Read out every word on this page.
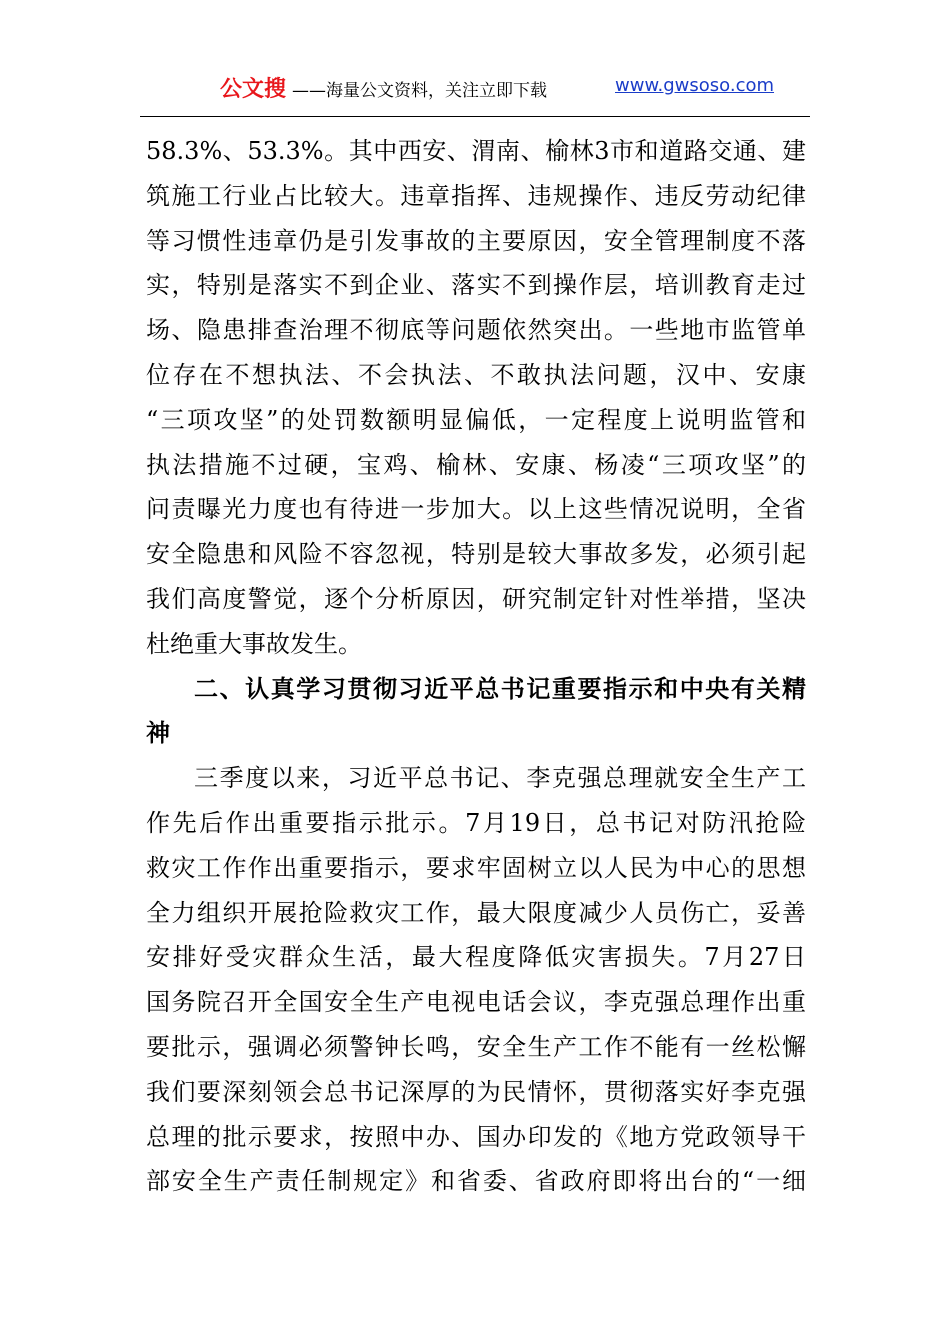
公文搜 ——海量公文资料，关注立即下载	www.gwsoso.com
58.3%、53.3%。其中西安、渭南、榆林3市和道路交通、建
筑施工行业占比较大。违章指挥、违规操作、违反劳动纪律
等习惯性违章仍是引发事故的主要原因，安全管理制度不落
实，特别是落实不到企业、落实不到操作层，培训教育走过
场、隐患排查治理不彻底等问题依然突出。一些地市监管单
位存在不想执法、不会执法、不敢执法问题，汉中、安康
“三项攻坚”的处罚数额明显偏低，一定程度上说明监管和
执法措施不过硬，宝鸡、榆林、安康、杨凌“三项攻坚”的
问责曝光力度也有待进一步加大。以上这些情况说明，全省
安全隐患和风险不容忽视，特别是较大事故多发，必须引起
我们高度警觉，逐个分析原因，研究制定针对性举措，坚决
杜绝重大事故发生。
二、认真学习贯彻习近平总书记重要指示和中央有关精
神
三季度以来，习近平总书记、李克强总理就安全生产工
作先后作出重要指示批示。7月19日，总书记对防汛抢险
救灾工作作出重要指示，要求牢固树立以人民为中心的思想
全力组织开展抢险救灾工作，最大限度减少人员伤亡，妥善
安排好受灾群众生活，最大程度降低灾害损失。7月27日
国务院召开全国安全生产电视电话会议，李克强总理作出重
要批示，强调必须警钟长鸣，安全生产工作不能有一丝松懈
我们要深刻领会总书记深厚的为民情怀，贯彻落实好李克强
总理的批示要求，按照中办、国办印发的《地方党政领导干
部安全生产责任制规定》和省委、省政府即将出台的“一细
